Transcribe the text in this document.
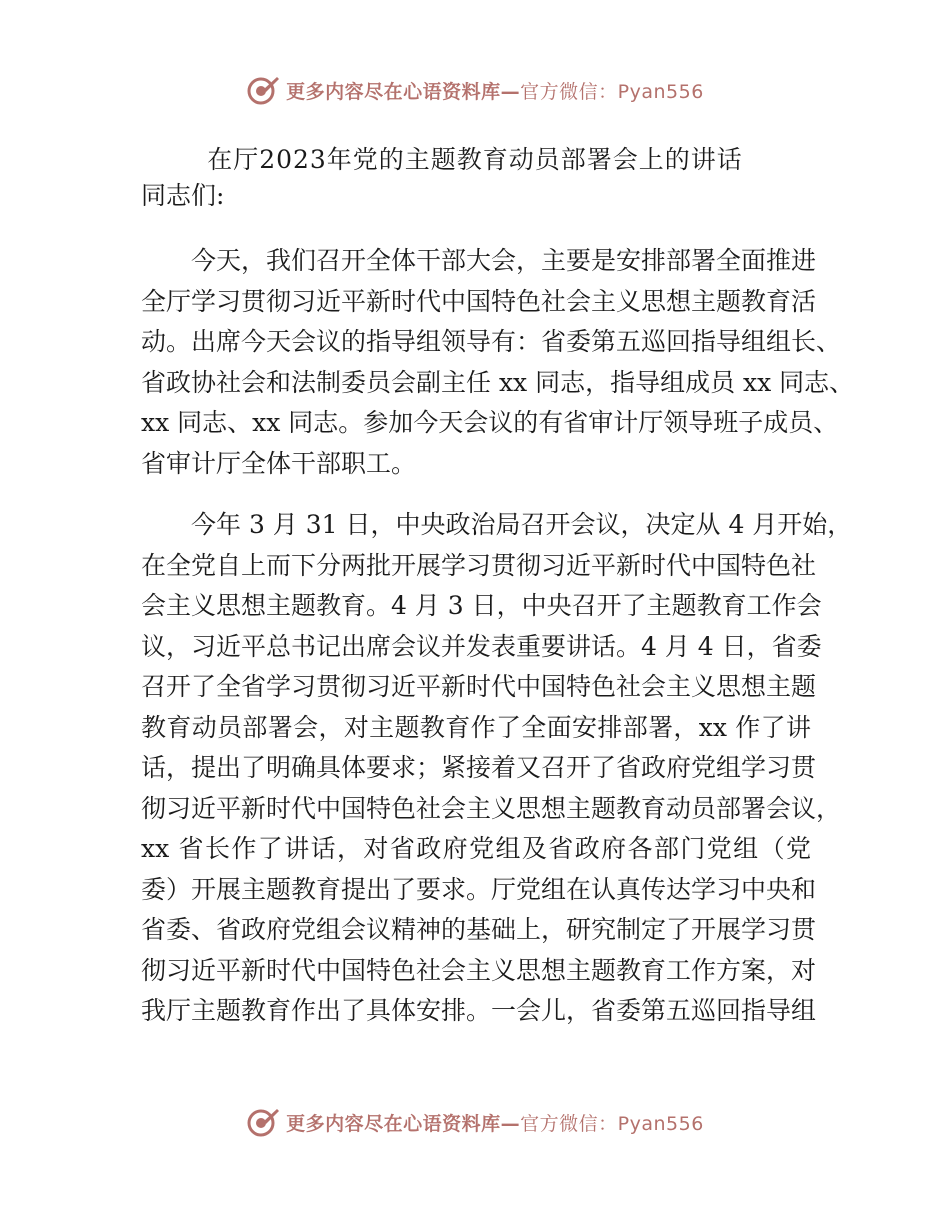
更多内容尽在心语资料库—官方微信：Pyan556
在厅2023年党的主题教育动员部署会上的讲话
同志们:
　　今天，我们召开全体干部大会，主要是安排部署全面推进
全厅学习贯彻习近平新时代中国特色社会主义思想主题教育活
动。出席今天会议的指导组领导有：省委第五巡回指导组组长、
省政协社会和法制委员会副主任 xx 同志，指导组成员 xx 同志、
xx 同志、xx 同志。参加今天会议的有省审计厅领导班子成员、
省审计厅全体干部职工。
　　今年 3 月 31 日，中央政治局召开会议，决定从 4 月开始，
在全党自上而下分两批开展学习贯彻习近平新时代中国特色社
会主义思想主题教育。4 月 3 日，中央召开了主题教育工作会
议，习近平总书记出席会议并发表重要讲话。4 月 4 日，省委
召开了全省学习贯彻习近平新时代中国特色社会主义思想主题
教育动员部署会，对主题教育作了全面安排部署，xx 作了讲
话，提出了明确具体要求；紧接着又召开了省政府党组学习贯
彻习近平新时代中国特色社会主义思想主题教育动员部署会议，
xx 省长作了讲话，对省政府党组及省政府各部门党组（党
委）开展主题教育提出了要求。厅党组在认真传达学习中央和
省委、省政府党组会议精神的基础上，研究制定了开展学习贯
彻习近平新时代中国特色社会主义思想主题教育工作方案，对
我厅主题教育作出了具体安排。一会儿，省委第五巡回指导组
更多内容尽在心语资料库—官方微信：Pyan556
